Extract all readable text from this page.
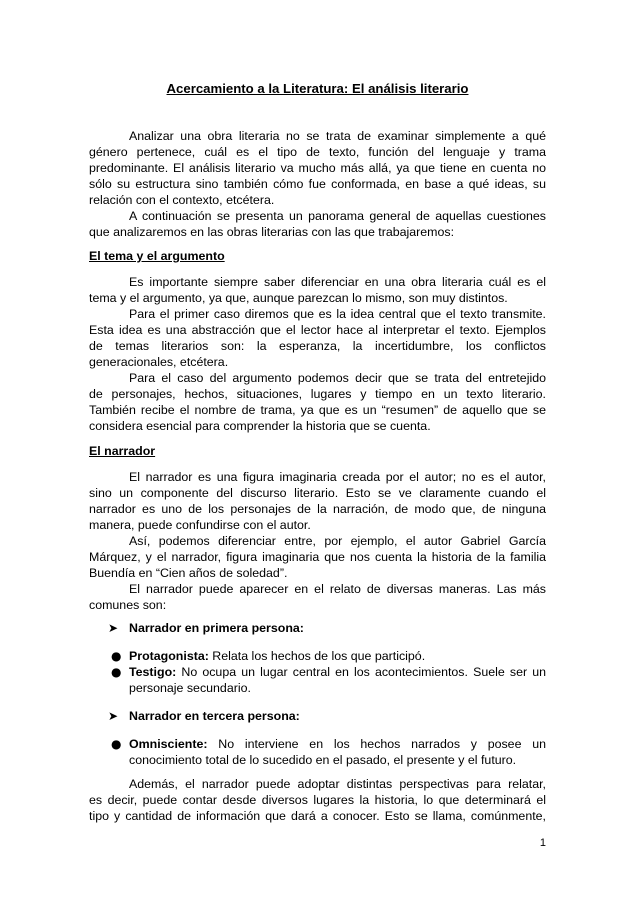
Acercamiento a la Literatura: El análisis literario
Analizar una obra literaria no se trata de examinar simplemente a qué
género pertenece, cuál es el tipo de texto, función del lenguaje y trama
predominante. El análisis literario va mucho más allá, ya que tiene en cuenta no
sólo su estructura sino también cómo fue conformada, en base a qué ideas, su
relación con el contexto, etcétera.
A continuación se presenta un panorama general de aquellas cuestiones
que analizaremos en las obras literarias con las que trabajaremos:
El tema y el argumento
Es importante siempre saber diferenciar en una obra literaria cuál es el
tema y el argumento, ya que, aunque parezcan lo mismo, son muy distintos.
Para el primer caso diremos que es la idea central que el texto transmite.
Esta idea es una abstracción que el lector hace al interpretar el texto. Ejemplos
de temas literarios son: la esperanza, la incertidumbre, los conflictos
generacionales, etcétera.
Para el caso del argumento podemos decir que se trata del entretejido
de personajes, hechos, situaciones, lugares y tiempo en un texto literario.
También recibe el nombre de trama, ya que es un “resumen” de aquello que se
considera esencial para comprender la historia que se cuenta.
El narrador
El narrador es una figura imaginaria creada por el autor; no es el autor,
sino un componente del discurso literario. Esto se ve claramente cuando el
narrador es uno de los personajes de la narración, de modo que, de ninguna
manera, puede confundirse con el autor.
Así, podemos diferenciar entre, por ejemplo, el autor Gabriel García
Márquez, y el narrador, figura imaginaria que nos cuenta la historia de la familia
Buendía en “Cien años de soledad”.
El narrador puede aparecer en el relato de diversas maneras. Las más
comunes son:
➤ Narrador en primera persona:
● Protagonista: Relata los hechos de los que participó.
● Testigo: No ocupa un lugar central en los acontecimientos. Suele ser un
personaje secundario.
➤ Narrador en tercera persona:
● Omnisciente: No interviene en los hechos narrados y posee un
conocimiento total de lo sucedido en el pasado, el presente y el futuro.
Además, el narrador puede adoptar distintas perspectivas para relatar,
es decir, puede contar desde diversos lugares la historia, lo que determinará el
tipo y cantidad de información que dará a conocer. Esto se llama, comúnmente,
1
